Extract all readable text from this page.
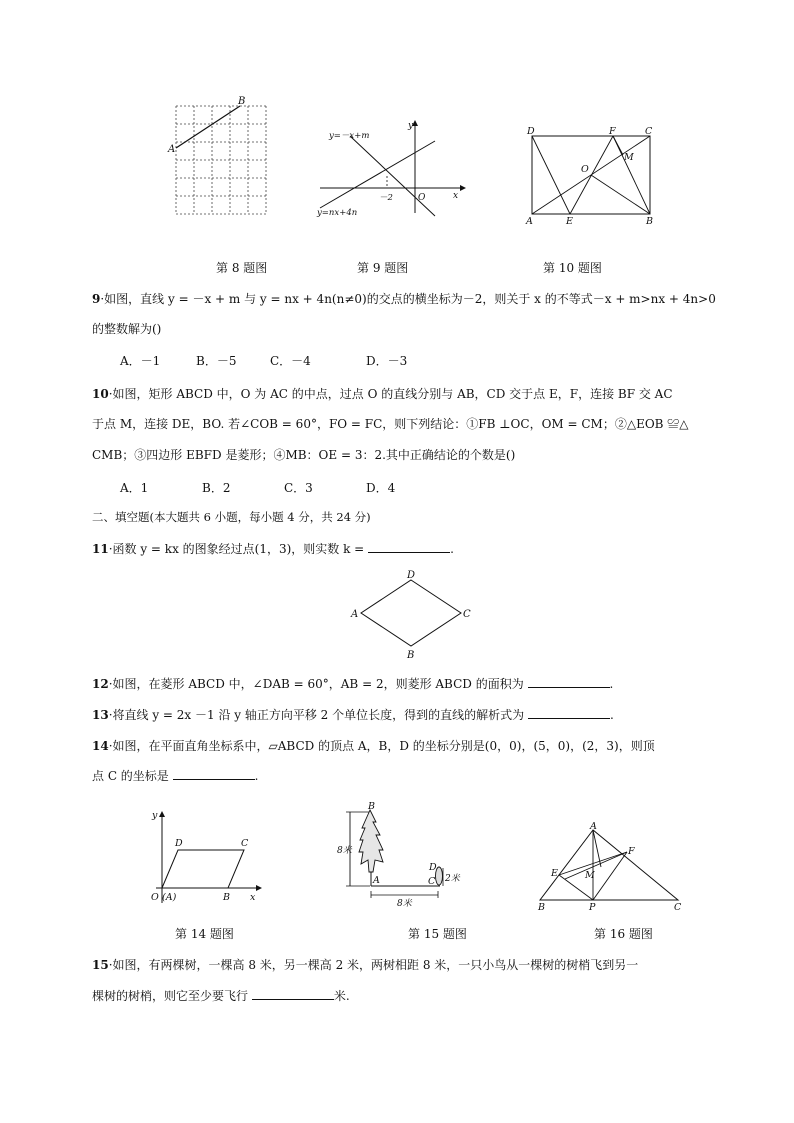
A
B
第 8 题图
y=－x+m
y=nx+4n
－2	O	x
y
第 9 题图
D	F	C
O
M
A	E	B
第 10 题图
9·如图，直线 y = －x + m 与 y = nx + 4n(n≠0)的交点的横坐标为－2，则关于 x 的不等式－x + m>nx + 4n>0
的整数解为()
A．－1	B．－5	C．－4	D．－3
10·如图，矩形 ABCD 中，O 为 AC 的中点，过点 O 的直线分别与 AB，CD 交于点 E，F，连接 BF 交 AC
于点 M，连接 DE，BO. 若∠COB = 60°，FO = FC，则下列结论：①FB ⊥OC，OM = CM；②△EOB ≌△
CMB；③四边形 EBFD 是菱形；④MB：OE = 3：2.其中正确结论的个数是()
A．1	B．2	C．3	D．4
二、填空题(本大题共 6 小题，每小题 4 分，共 24 分)
11·函数 y = kx 的图象经过点(1，3)，则实数 k =	.
D
A	C
B
12·如图，在菱形 ABCD 中，∠DAB = 60°，AB = 2，则菱形 ABCD 的面积为	.
13·将直线 y = 2x －1 沿 y 轴正方向平移 2 个单位长度，得到的直线的解析式为	.
14·如图，在平面直角坐标系中，▱ABCD 的顶点 A，B，D 的坐标分别是(0，0)，(5，0)，(2，3)，则顶
点 C 的坐标是	.
y
D	C
O (A)	B x
第 14 题图
B
8米
D
C 2米
A
8米
第 15 题图
A
F
E	M
B	P	C
第 16 题图
15·如图，有两棵树，一棵高 8 米，另一棵高 2 米，两树相距 8 米，一只小鸟从一棵树的树梢飞到另一
棵树的树梢，则它至少要飞行	米.
